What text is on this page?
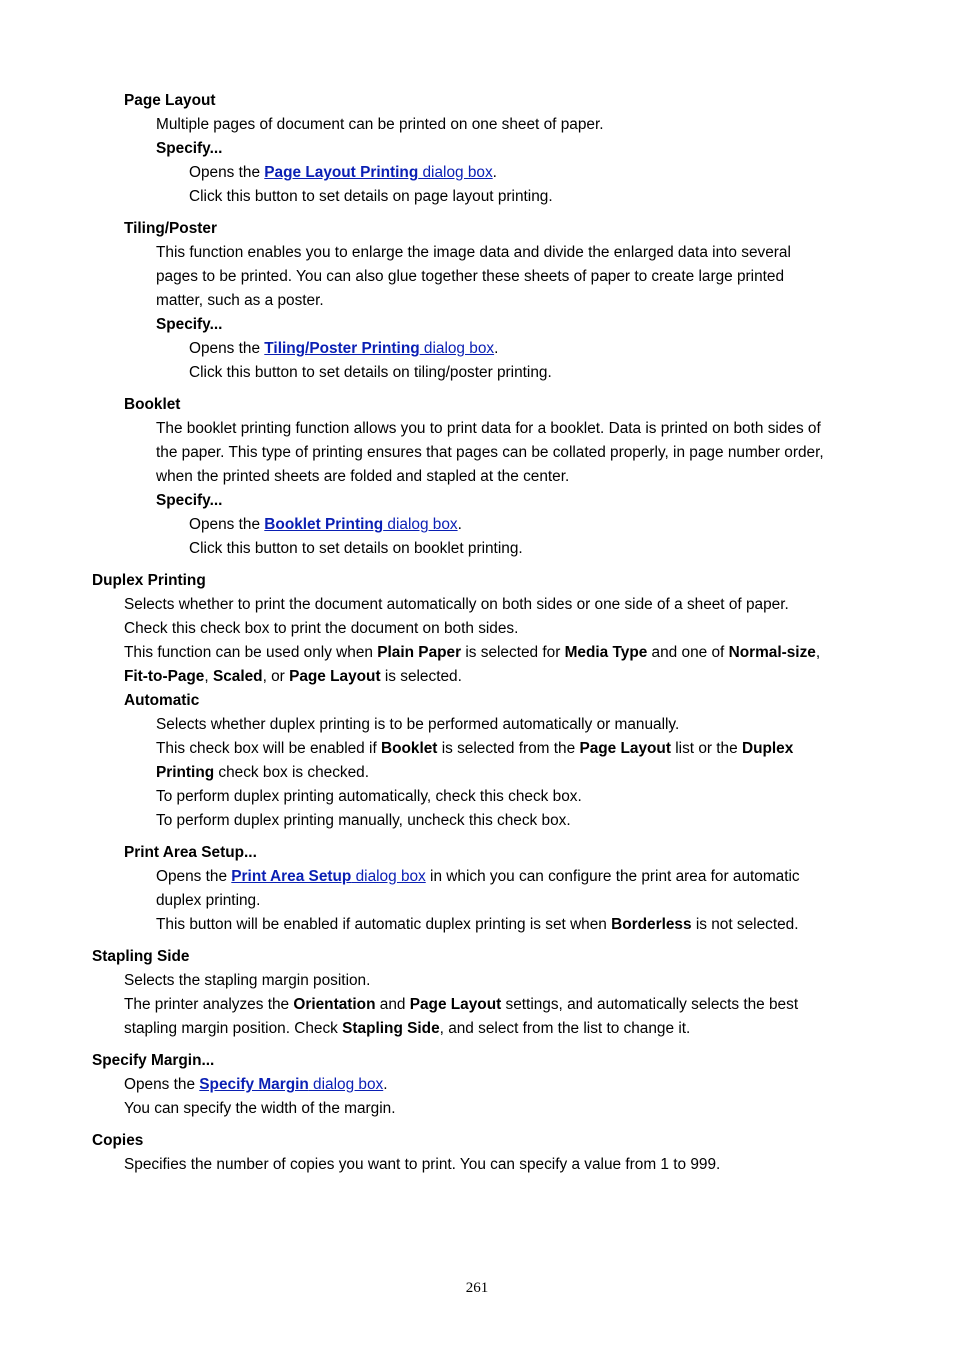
Page Layout
Multiple pages of document can be printed on one sheet of paper.
Specify...
Opens the Page Layout Printing dialog box.
Click this button to set details on page layout printing.
Tiling/Poster
This function enables you to enlarge the image data and divide the enlarged data into several
pages to be printed. You can also glue together these sheets of paper to create large printed
matter, such as a poster.
Specify...
Opens the Tiling/Poster Printing dialog box.
Click this button to set details on tiling/poster printing.
Booklet
The booklet printing function allows you to print data for a booklet. Data is printed on both sides of
the paper. This type of printing ensures that pages can be collated properly, in page number order,
when the printed sheets are folded and stapled at the center.
Specify...
Opens the Booklet Printing dialog box.
Click this button to set details on booklet printing.
Duplex Printing
Selects whether to print the document automatically on both sides or one side of a sheet of paper.
Check this check box to print the document on both sides.
This function can be used only when Plain Paper is selected for Media Type and one of Normal-size,
Fit-to-Page, Scaled, or Page Layout is selected.
Automatic
Selects whether duplex printing is to be performed automatically or manually.
This check box will be enabled if Booklet is selected from the Page Layout list or the Duplex
Printing check box is checked.
To perform duplex printing automatically, check this check box.
To perform duplex printing manually, uncheck this check box.
Print Area Setup...
Opens the Print Area Setup dialog box in which you can configure the print area for automatic
duplex printing.
This button will be enabled if automatic duplex printing is set when Borderless is not selected.
Stapling Side
Selects the stapling margin position.
The printer analyzes the Orientation and Page Layout settings, and automatically selects the best
stapling margin position. Check Stapling Side, and select from the list to change it.
Specify Margin...
Opens the Specify Margin dialog box.
You can specify the width of the margin.
Copies
Specifies the number of copies you want to print. You can specify a value from 1 to 999.
261
